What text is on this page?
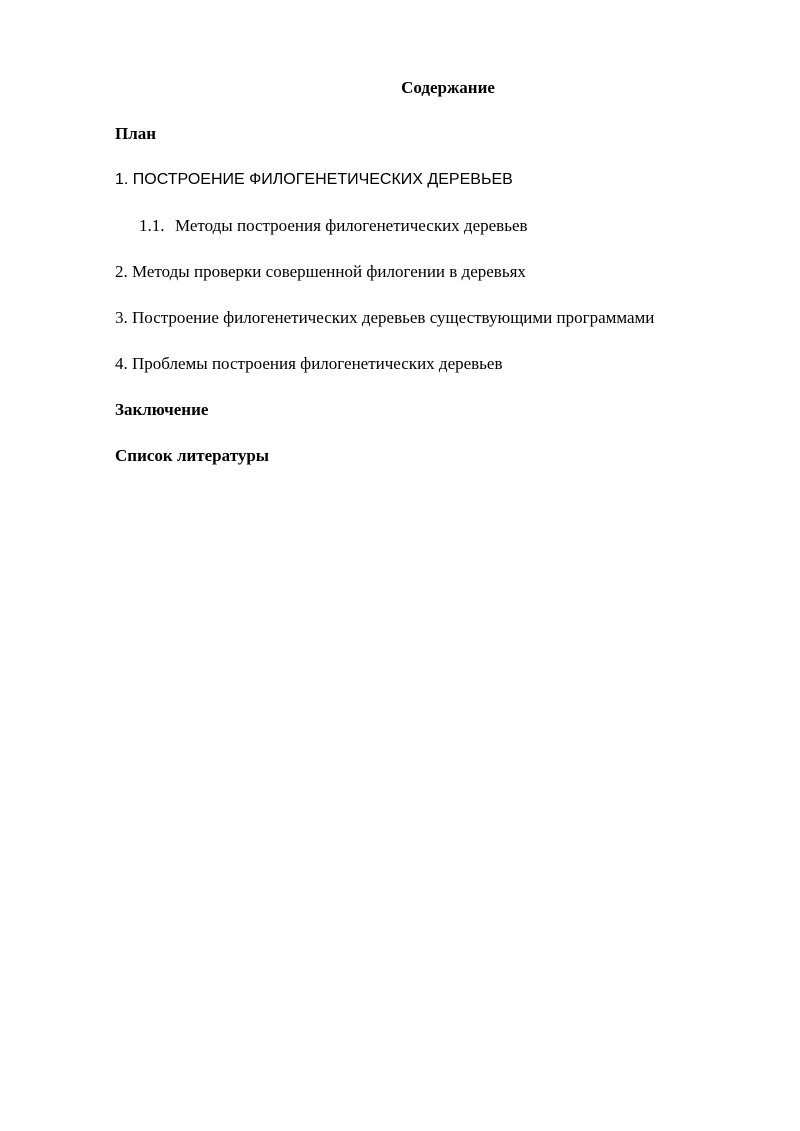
Содержание
План
1. ПОСТРОЕНИЕ ФИЛОГЕНЕТИЧЕСКИХ ДЕРЕВЬЕВ
1.1. Методы построения филогенетических деревьев
2. Методы проверки совершенной филогении в деревьях
3. Построение филогенетических деревьев существующими программами
4. Проблемы построения филогенетических деревьев
Заключение
Список литературы
